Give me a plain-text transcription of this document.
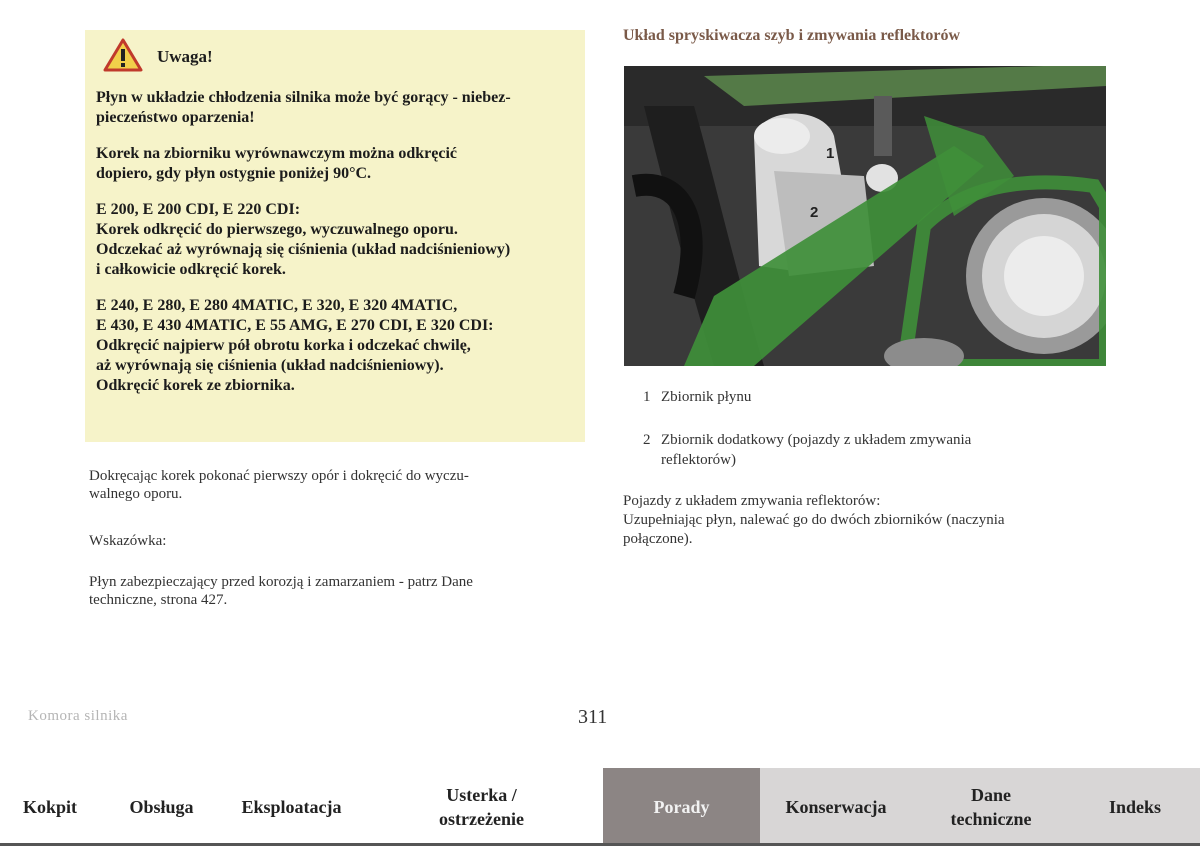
Uwaga!

Płyn w układzie chłodzenia silnika może być gorący - niebez-
pieczeństwo oparzenia!

Korek na zbiorniku wyrównawczym można odkręcić
dopiero, gdy płyn ostygnie poniżej 90°C.

E 200, E 200 CDI, E 220 CDI:
Korek odkręcić do pierwszego, wyczuwalnego oporu.
Odczekać aż wyrównają się ciśnienia (układ nadciśnieniowy)
i całkowicie odkręcić korek.

E 240, E 280, E 280 4MATIC, E 320, E 320 4MATIC,
E 430, E 430 4MATIC, E 55 AMG, E 270 CDI, E 320 CDI:
Odkręcić najpierw pół obrotu korka i odczekać chwilę,
aż wyrównają się ciśnienia (układ nadciśnieniowy).
Odkręcić korek ze zbiornika.

Dokręcając korek pokonać pierwszy opór i dokręcić do wyczu-
walnego oporu.
Wskazówka:
Płyn zabezpieczający przed korozją i zamarzaniem - patrz Dane
techniczne, strona 427.
Układ spryskiwacza szyb i zmywania reflektorów
1
2
1 Zbiornik płynu
2 Zbiornik dodatkowy (pojazdy z układem zmywania
reflektorów)
Pojazdy z układem zmywania reflektorów:
Uzupełniając płyn, nalewać go do dwóch zbiorników (naczynia
połączone).
Komora silnika	311
Kokpit	Obsługa	Eksploatacja
Usterka /
ostrzeżenie
Porady	Konserwacja
Dane
techniczne
Indeks
